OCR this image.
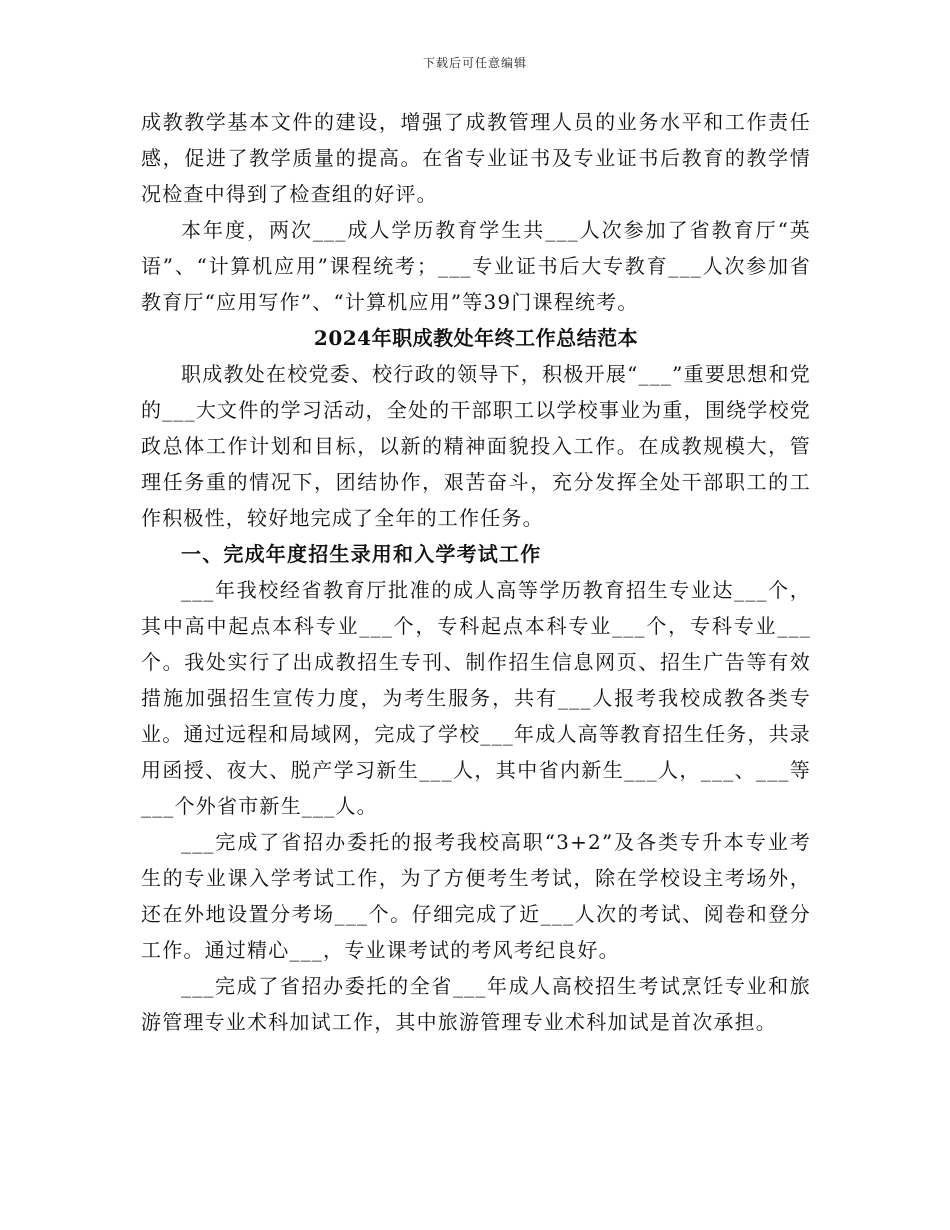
下载后可任意编辑

成教教学基本文件的建设，增强了成教管理人员的业务水平和工作责任感，促进了教学质量的提高。在省专业证书及专业证书后教育的教学情况检查中得到了检查组的好评。

本年度，两次___成人学历教育学生共___人次参加了省教育厅“英语”、“计算机应用”课程统考；___专业证书后大专教育___人次参加省教育厅“应用写作”、“计算机应用”等39门课程统考。

2024年职成教处年终工作总结范本

职成教处在校党委、校行政的领导下，积极开展“___”重要思想和党的___大文件的学习活动，全处的干部职工以学校事业为重，围绕学校党政总体工作计划和目标，以新的精神面貌投入工作。在成教规模大，管理任务重的情况下，团结协作，艰苦奋斗，充分发挥全处干部职工的工作积极性，较好地完成了全年的工作任务。

一、完成年度招生录用和入学考试工作

___年我校经省教育厅批准的成人高等学历教育招生专业达___个，其中高中起点本科专业___个，专科起点本科专业___个，专科专业___个。我处实行了出成教招生专刊、制作招生信息网页、招生广告等有效措施加强招生宣传力度，为考生服务，共有___人报考我校成教各类专业。通过远程和局域网，完成了学校___年成人高等教育招生任务，共录用函授、夜大、脱产学习新生___人，其中省内新生___人，___、___等___个外省市新生___人。

___完成了省招办委托的报考我校高职“3+2”及各类专升本专业考生的专业课入学考试工作，为了方便考生考试，除在学校设主考场外，还在外地设置分考场___个。仔细完成了近___人次的考试、阅卷和登分工作。通过精心___，专业课考试的考风考纪良好。

___完成了省招办委托的全省___年成人高校招生考试烹饪专业和旅游管理专业术科加试工作，其中旅游管理专业术科加试是首次承担。
